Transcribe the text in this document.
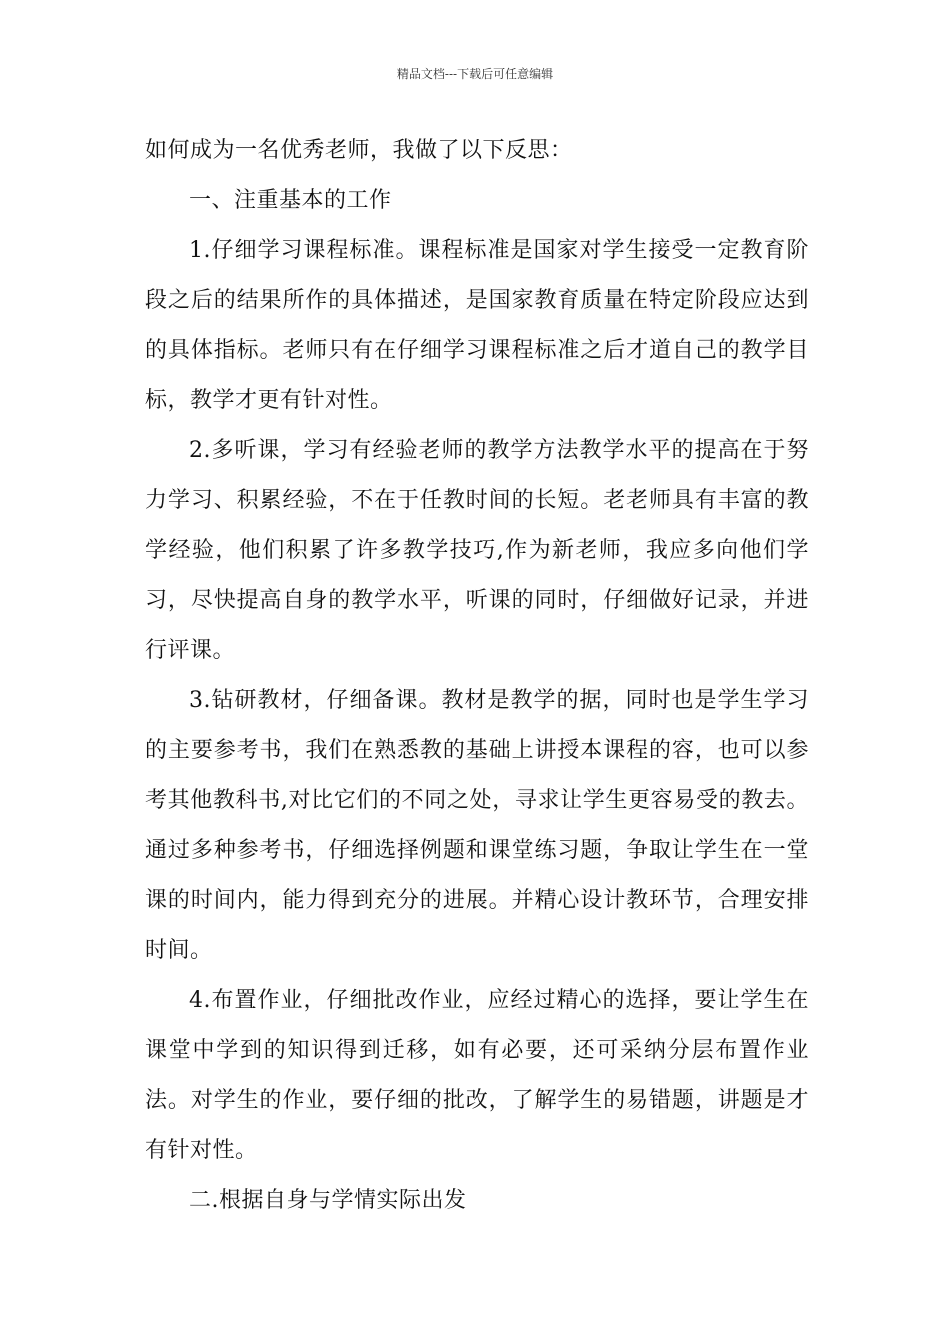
精品文档---下载后可任意编辑

如何成为一名优秀老师，我做了以下反思：

一、注重基本的工作

1.仔细学习课程标准。课程标准是国家对学生接受一定教育阶段之后的结果所作的具体描述，是国家教育质量在特定阶段应达到的具体指标。老师只有在仔细学习课程标准之后才道自己的教学目标，教学才更有针对性。

2.多听课，学习有经验老师的教学方法教学水平的提高在于努力学习、积累经验，不在于任教时间的长短。老老师具有丰富的教学经验，他们积累了许多教学技巧,作为新老师，我应多向他们学习，尽快提高自身的教学水平，听课的同时，仔细做好记录，并进行评课。

3.钻研教材，仔细备课。教材是教学的据，同时也是学生学习的主要参考书，我们在熟悉教的基础上讲授本课程的容，也可以参考其他教科书,对比它们的不同之处，寻求让学生更容易受的教去。通过多种参考书，仔细选择例题和课堂练习题，争取让学生在一堂课的时间内，能力得到充分的进展。并精心设计教环节，合理安排时间。

4.布置作业，仔细批改作业，应经过精心的选择，要让学生在课堂中学到的知识得到迁移，如有必要，还可采纳分层布置作业法。对学生的作业，要仔细的批改，了解学生的易错题，讲题是才有针对性。

二.根据自身与学情实际出发
